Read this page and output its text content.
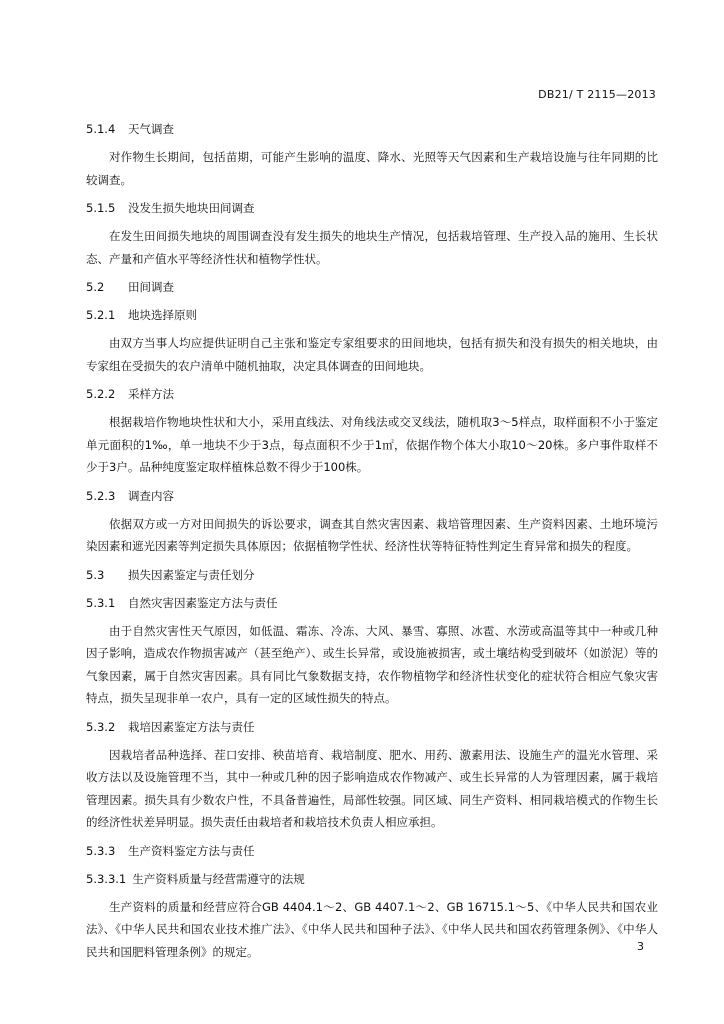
DB21/ T 2115—2013
5.1.4 天气调查
对作物生长期间，包括苗期，可能产生影响的温度、降水、光照等天气因素和生产栽培设施与往年同期的比较调查。
5.1.5 没发生损失地块田间调查
在发生田间损失地块的周围调查没有发生损失的地块生产情况，包括栽培管理、生产投入品的施用、生长状态、产量和产值水平等经济性状和植物学性状。
5.2 田间调查
5.2.1 地块选择原则
由双方当事人均应提供证明自己主张和鉴定专家组要求的田间地块，包括有损失和没有损失的相关地块，由专家组在受损失的农户清单中随机抽取，决定具体调查的田间地块。
5.2.2 采样方法
根据栽培作物地块性状和大小，采用直线法、对角线法或交叉线法，随机取3～5样点，取样面积不小于鉴定单元面积的1‰，单一地块不少于3点，每点面积不少于1㎡，依据作物个体大小取10～20株。多户事件取样不少于3户。品种纯度鉴定取样植株总数不得少于100株。
5.2.3 调查内容
依据双方或一方对田间损失的诉讼要求，调查其自然灾害因素、栽培管理因素、生产资料因素、土地环境污染因素和遮光因素等判定损失具体原因；依据植物学性状、经济性状等特征特性判定生育异常和损失的程度。
5.3 损失因素鉴定与责任划分
5.3.1 自然灾害因素鉴定方法与责任
由于自然灾害性天气原因，如低温、霜冻、冷冻、大风、暴雪、寡照、冰雹、水涝或高温等其中一种或几种因子影响，造成农作物损害减产（甚至绝产）、或生长异常，或设施被损害，或土壤结构受到破坏（如淤泥）等的气象因素，属于自然灾害因素。具有同比气象数据支持，农作物植物学和经济性状变化的症状符合相应气象灾害特点，损失呈现非单一农户，具有一定的区域性损失的特点。
5.3.2 栽培因素鉴定方法与责任
因栽培者品种选择、茬口安排、秧苗培育、栽培制度、肥水、用药、激素用法、设施生产的温光水管理、采收方法以及设施管理不当，其中一种或几种的因子影响造成农作物减产、或生长异常的人为管理因素，属于栽培管理因素。损失具有少数农户性，不具备普遍性，局部性较强。同区域、同生产资料、相同栽培模式的作物生长的经济性状差异明显。损失责任由栽培者和栽培技术负责人相应承担。
5.3.3 生产资料鉴定方法与责任
5.3.3.1 生产资料质量与经营需遵守的法规
生产资料的质量和经营应符合GB 4404.1～2、GB 4407.1～2、GB 16715.1～5、《中华人民共和国农业法》、《中华人民共和国农业技术推广法》、《中华人民共和国种子法》、《中华人民共和国农药管理条例》、《中华人民共和国肥料管理条例》的规定。	3
